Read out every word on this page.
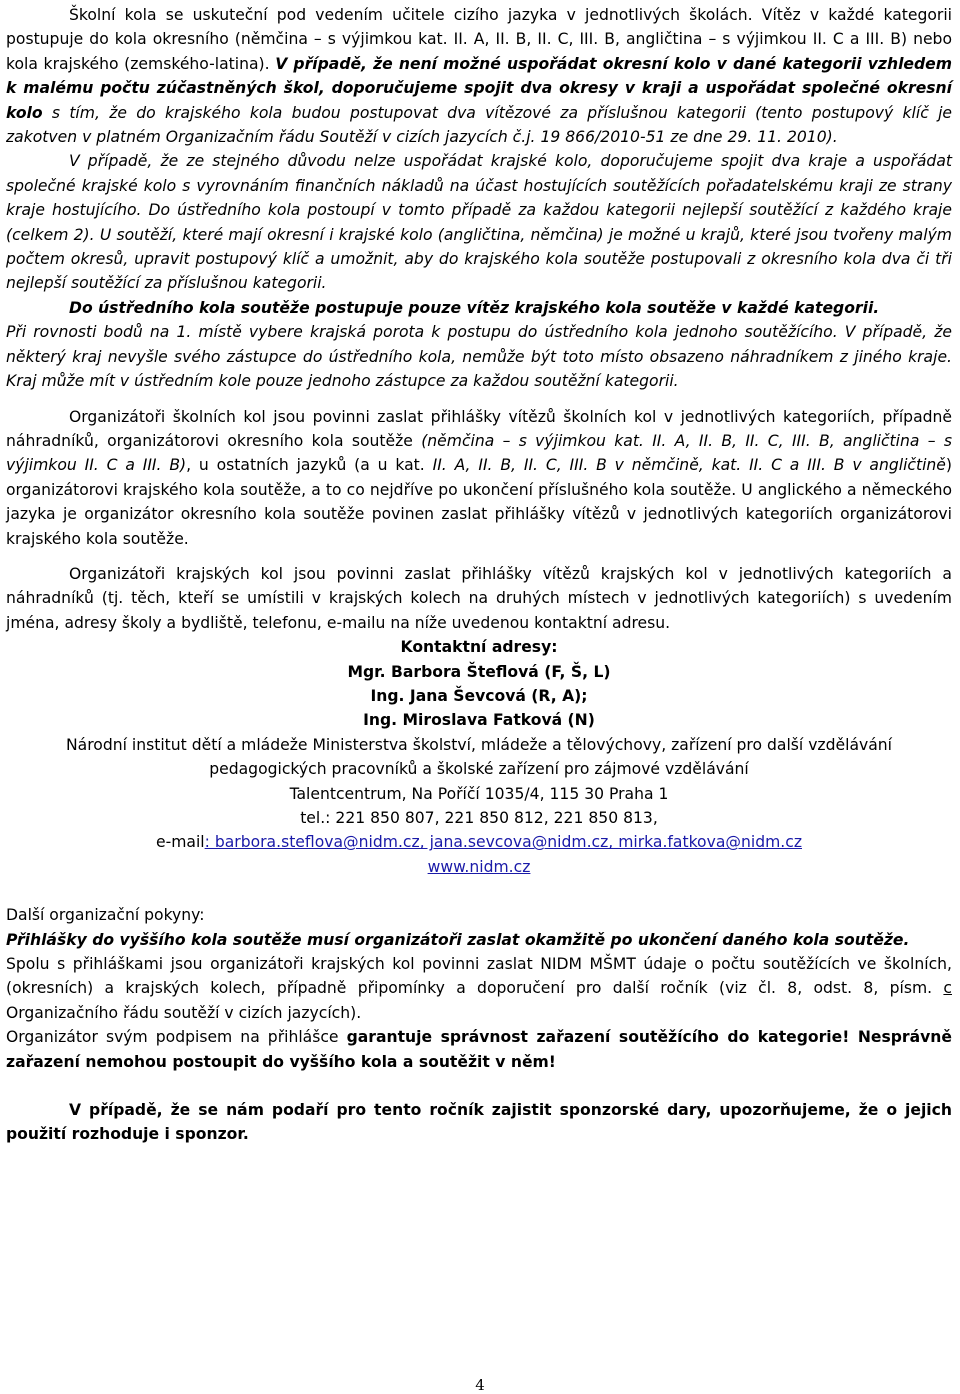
Školní kola se uskuteční pod vedením učitele cizího jazyka v jednotlivých školách. Vítěz v každé kategorii postupuje do kola okresního (němčina – s výjimkou kat. II. A, II. B, II. C, III. B, angličtina – s výjimkou II. C a III. B) nebo kola krajského (zemského-latina). V případě, že není možné uspořádat okresní kolo v dané kategorii vzhledem k malému počtu zúčastněných škol, doporučujeme spojit dva okresy v kraji a uspořádat společné okresní kolo s tím, že do krajského kola budou postupovat dva vítězové za příslušnou kategorii (tento postupový klíč je zakotven v platném Organizačním řádu Soutěží v cizích jazycích č.j. 19 866/2010-51 ze dne 29. 11. 2010).

V případě, že ze stejného důvodu nelze uspořádat krajské kolo, doporučujeme spojit dva kraje a uspořádat společné krajské kolo s vyrovnáním finančních nákladů na účast hostujících soutěžících pořadatelskému kraji ze strany kraje hostujícího. Do ústředního kola postoupí v tomto případě za každou kategorii nejlepší soutěžící z každého kraje (celkem 2). U soutěží, které mají okresní i krajské kolo (angličtina, němčina) je možné u krajů, které jsou tvořeny malým počtem okresů, upravit postupový klíč a umožnit, aby do krajského kola soutěže postupovali z okresního kola dva či tři nejlepší soutěžící za příslušnou kategorii.

Do ústředního kola soutěže postupuje pouze vítěz krajského kola soutěže v každé kategorii.

Při rovnosti bodů na 1. místě vybere krajská porota k postupu do ústředního kola jednoho soutěžícího. V případě, že některý kraj nevyšle svého zástupce do ústředního kola, nemůže být toto místo obsazeno náhradníkem z jiného kraje. Kraj může mít v ústředním kole pouze jednoho zástupce za každou soutěžní kategorii.

Organizátoři školních kol jsou povinni zaslat přihlášky vítězů školních kol v jednotlivých kategoriích, případně náhradníků, organizátorovi okresního kola soutěže (němčina – s výjimkou kat. II. A, II. B, II. C, III. B, angličtina – s výjimkou II. C a III. B), u ostatních jazyků (a u kat. II. A, II. B, II. C, III. B v němčině, kat. II. C a III. B v angličtině) organizátorovi krajského kola soutěže, a to co nejdříve po ukončení příslušného kola soutěže. U anglického a německého jazyka je organizátor okresního kola soutěže povinen zaslat přihlášky vítězů v jednotlivých kategoriích organizátorovi krajského kola soutěže.

Organizátoři krajských kol jsou povinni zaslat přihlášky vítězů krajských kol v jednotlivých kategoriích a náhradníků (tj. těch, kteří se umístili v krajských kolech na druhých místech v jednotlivých kategoriích) s uvedením jména, adresy školy a bydliště, telefonu, e-mailu na níže uvedenou kontaktní adresu.

Kontaktní adresy:

Mgr. Barbora Šteflová (F, Š, L)

Ing. Jana Ševcová (R, A);

Ing. Miroslava Fatková (N)

Národní institut dětí a mládeže Ministerstva školství, mládeže a tělovýchovy, zařízení pro další vzdělávání

pedagogických pracovníků a školské zařízení pro zájmové vzdělávání

Talentcentrum, Na Poříčí 1035/4, 115 30 Praha 1

tel.: 221 850 807, 221 850 812, 221 850 813,

e-mail: barbora.steflova@nidm.cz, jana.sevcova@nidm.cz, mirka.fatkova@nidm.cz

www.nidm.cz

Další organizační pokyny:

Přihlášky do vyššího kola soutěže musí organizátoři zaslat okamžitě po ukončení daného kola soutěže.

Spolu s přihláškami jsou organizátoři krajských kol povinni zaslat NIDM MŠMT údaje o počtu soutěžících ve školních, (okresních) a krajských kolech, případně připomínky a doporučení pro další ročník (viz čl. 8, odst. 8, písm. c Organizačního řádu soutěží v cizích jazycích).

Organizátor svým podpisem na přihlášce garantuje správnost zařazení soutěžícího do kategorie! Nesprávně zařazení nemohou postoupit do vyššího kola a soutěžit v něm!

V případě, že se nám podaří pro tento ročník zajistit sponzorské dary, upozorňujeme, že o jejich použití rozhoduje i sponzor.

4
